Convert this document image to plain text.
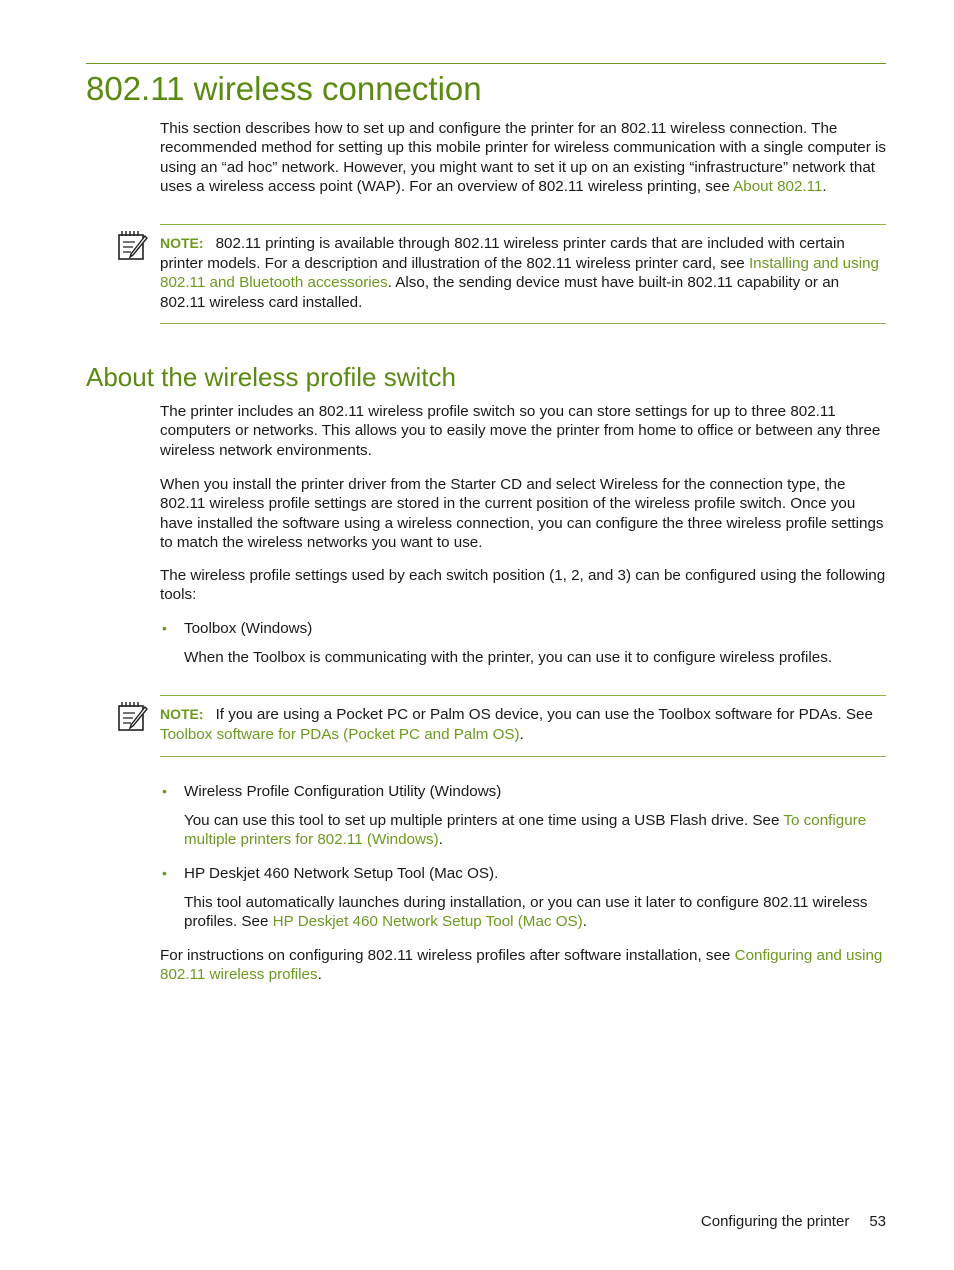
802.11 wireless connection

This section describes how to set up and configure the printer for an 802.11 wireless connection. The recommended method for setting up this mobile printer for wireless communication with a single computer is using an “ad hoc” network. However, you might want to set it up on an existing “infrastructure” network that uses a wireless access point (WAP). For an overview of 802.11 wireless printing, see About 802.11.

NOTE: 802.11 printing is available through 802.11 wireless printer cards that are included with certain printer models. For a description and illustration of the 802.11 wireless printer card, see Installing and using 802.11 and Bluetooth accessories. Also, the sending device must have built-in 802.11 capability or an 802.11 wireless card installed.

About the wireless profile switch

The printer includes an 802.11 wireless profile switch so you can store settings for up to three 802.11 computers or networks. This allows you to easily move the printer from home to office or between any three wireless network environments.

When you install the printer driver from the Starter CD and select Wireless for the connection type, the 802.11 wireless profile settings are stored in the current position of the wireless profile switch. Once you have installed the software using a wireless connection, you can configure the three wireless profile settings to match the wireless networks you want to use.

The wireless profile settings used by each switch position (1, 2, and 3) can be configured using the following tools:

• Toolbox (Windows)

When the Toolbox is communicating with the printer, you can use it to configure wireless profiles.

NOTE: If you are using a Pocket PC or Palm OS device, you can use the Toolbox software for PDAs. See Toolbox software for PDAs (Pocket PC and Palm OS).

• Wireless Profile Configuration Utility (Windows)

You can use this tool to set up multiple printers at one time using a USB Flash drive. See To configure multiple printers for 802.11 (Windows).

• HP Deskjet 460 Network Setup Tool (Mac OS).

This tool automatically launches during installation, or you can use it later to configure 802.11 wireless profiles. See HP Deskjet 460 Network Setup Tool (Mac OS).

For instructions on configuring 802.11 wireless profiles after software installation, see Configuring and using 802.11 wireless profiles.

Configuring the printer 53
